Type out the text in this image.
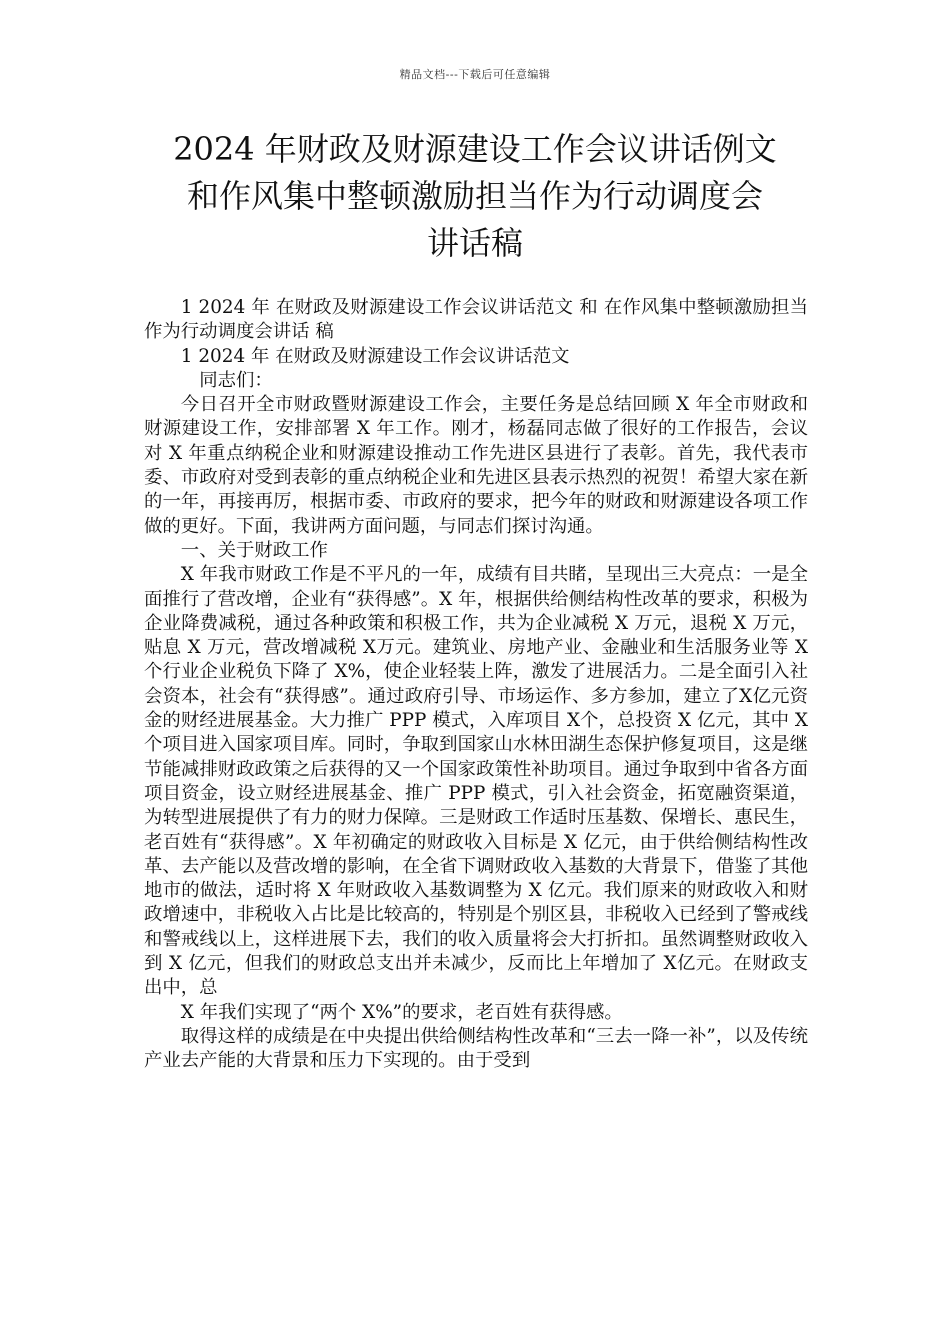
精品文档---下载后可任意编辑
2024 年财政及财源建设工作会议讲话例文
和作风集中整顿激励担当作为行动调度会
讲话稿

1 2024 年 在财政及财源建设工作会议讲话范文 和 在作风集中整顿激励担当作为行动调度会讲话 稿

1 2024 年 在财政及财源建设工作会议讲话范文

同志们：

今日召开全市财政暨财源建设工作会，主要任务是总结回顾 X 年全市财政和财源建设工作，安排部署 X 年工作。刚才，杨磊同志做了很好的工作报告，会议对 X 年重点纳税企业和财源建设推动工作先进区县进行了表彰。首先，我代表市委、市政府对受到表彰的重点纳税企业和先进区县表示热烈的祝贺！希望大家在新的一年，再接再厉，根据市委、市政府的要求，把今年的财政和财源建设各项工作做的更好。下面，我讲两方面问题，与同志们探讨沟通。

一、关于财政工作

X 年我市财政工作是不平凡的一年，成绩有目共睹，呈现出三大亮点：一是全面推行了营改增，企业有“获得感”。X 年，根据供给侧结构性改革的要求，积极为企业降费减税，通过各种政策和积极工作，共为企业减税 X 万元，退税 X 万元，贴息 X 万元，营改增减税 X万元。建筑业、房地产业、金融业和生活服务业等 X 个行业企业税负下降了 X%，使企业轻装上阵，激发了进展活力。二是全面引入社会资本，社会有“获得感”。通过政府引导、市场运作、多方参加，建立了X亿元资金的财经进展基金。大力推广 PPP 模式，入库项目 X个，总投资 X 亿元，其中 X 个项目进入国家项目库。同时，争取到国家山水林田湖生态保护修复项目，这是继节能减排财政政策之后获得的又一个国家政策性补助项目。通过争取到中省各方面项目资金，设立财经进展基金、推广 PPP 模式，引入社会资金，拓宽融资渠道，为转型进展提供了有力的财力保障。三是财政工作适时压基数、保增长、惠民生，老百姓有“获得感”。X 年初确定的财政收入目标是 X 亿元，由于供给侧结构性改革、去产能以及营改增的影响，在全省下调财政收入基数的大背景下，借鉴了其他地市的做法，适时将 X 年财政收入基数调整为 X 亿元。我们原来的财政收入和财政增速中，非税收入占比是比较高的，特别是个别区县，非税收入已经到了警戒线和警戒线以上，这样进展下去，我们的收入质量将会大打折扣。虽然调整财政收入到 X 亿元，但我们的财政总支出并未减少，反而比上年增加了 X亿元。在财政支出中，总

X 年我们实现了“两个 X%”的要求，老百姓有获得感。

取得这样的成绩是在中央提出供给侧结构性改革和“三去一降一补”，以及传统产业去产能的大背景和压力下实现的。由于受到
